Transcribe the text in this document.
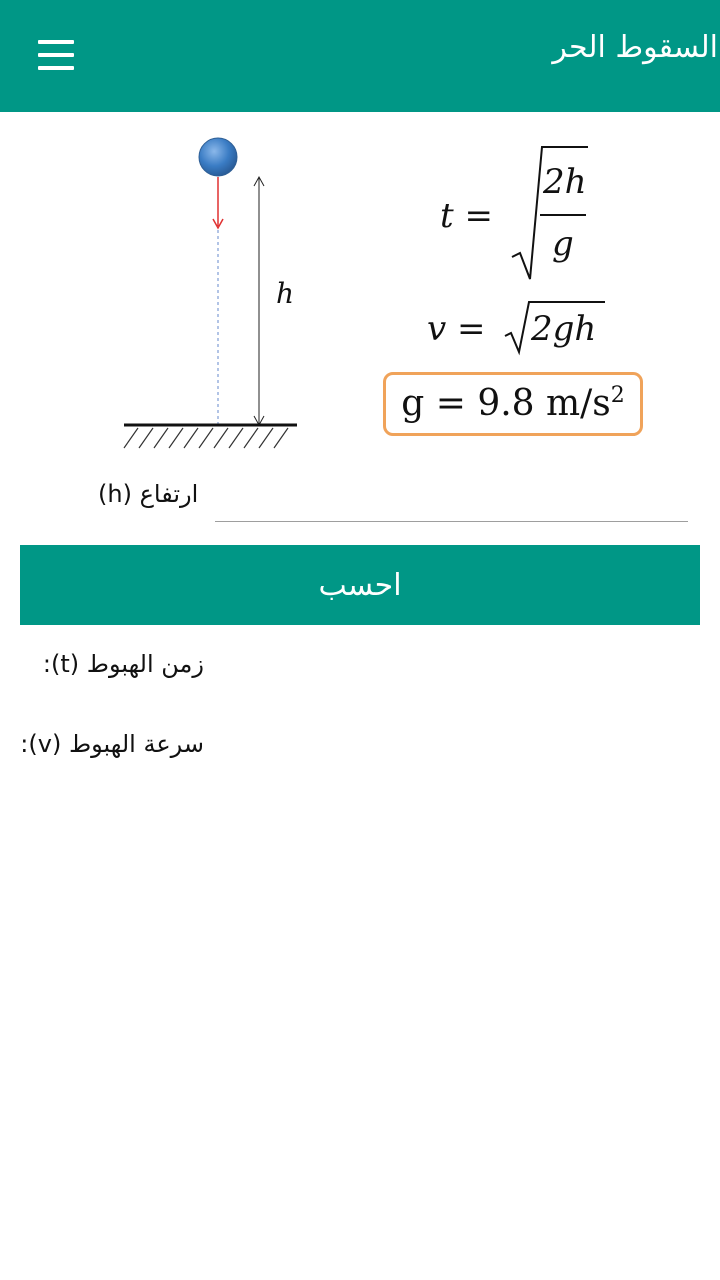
السقوط الحر
h
t =
2h
g
v = 2gh
g = 9.8 $m/s^2$
ارتفاع (h)
احسب
زمن الهبوط (t):
سرعة الهبوط (v):
